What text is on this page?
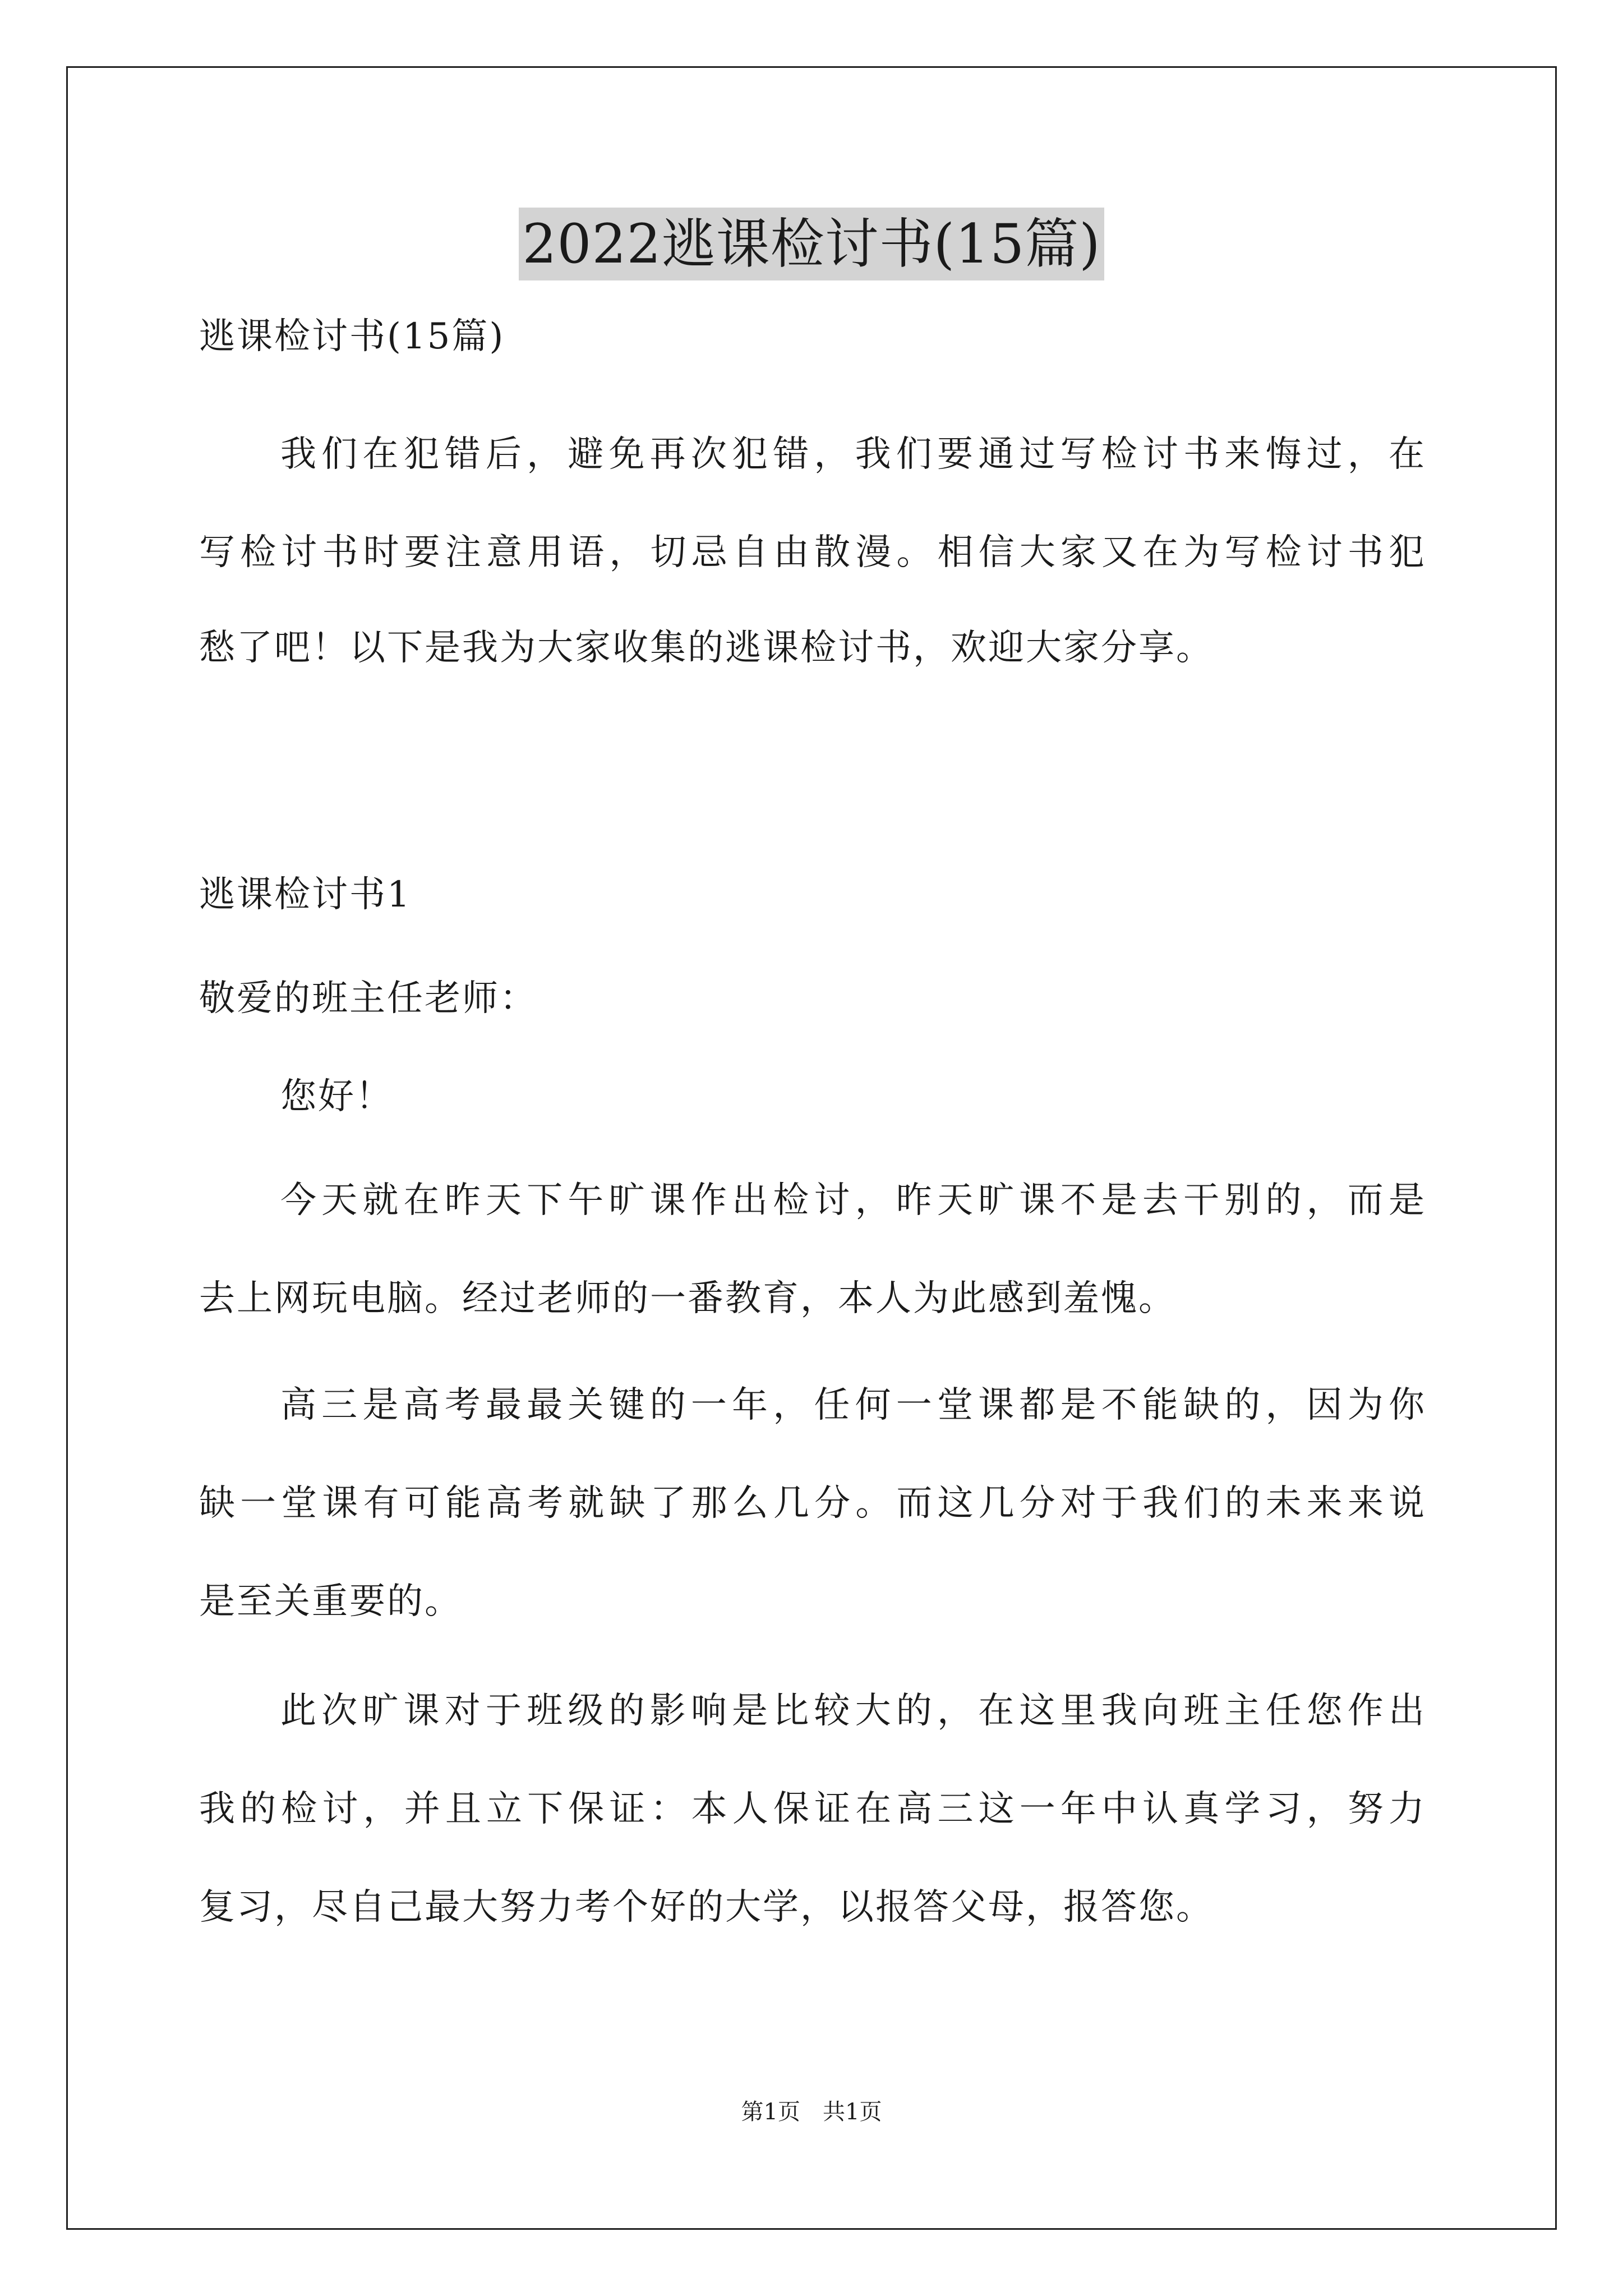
2022逃课检讨书(15篇)
逃课检讨书(15篇)
我们在犯错后，避免再次犯错，我们要通过写检讨书来悔过，在
写检讨书时要注意用语，切忌自由散漫。相信大家又在为写检讨书犯
愁了吧！以下是我为大家收集的逃课检讨书，欢迎大家分享。
逃课检讨书1
敬爱的班主任老师：
您好！
今天就在昨天下午旷课作出检讨，昨天旷课不是去干别的，而是
去上网玩电脑。经过老师的一番教育，本人为此感到羞愧。
高三是高考最最关键的一年，任何一堂课都是不能缺的，因为你
缺一堂课有可能高考就缺了那么几分。而这几分对于我们的未来来说
是至关重要的。
此次旷课对于班级的影响是比较大的，在这里我向班主任您作出
我的检讨，并且立下保证：本人保证在高三这一年中认真学习，努力
复习，尽自己最大努力考个好的大学，以报答父母，报答您。
第1页　共1页
